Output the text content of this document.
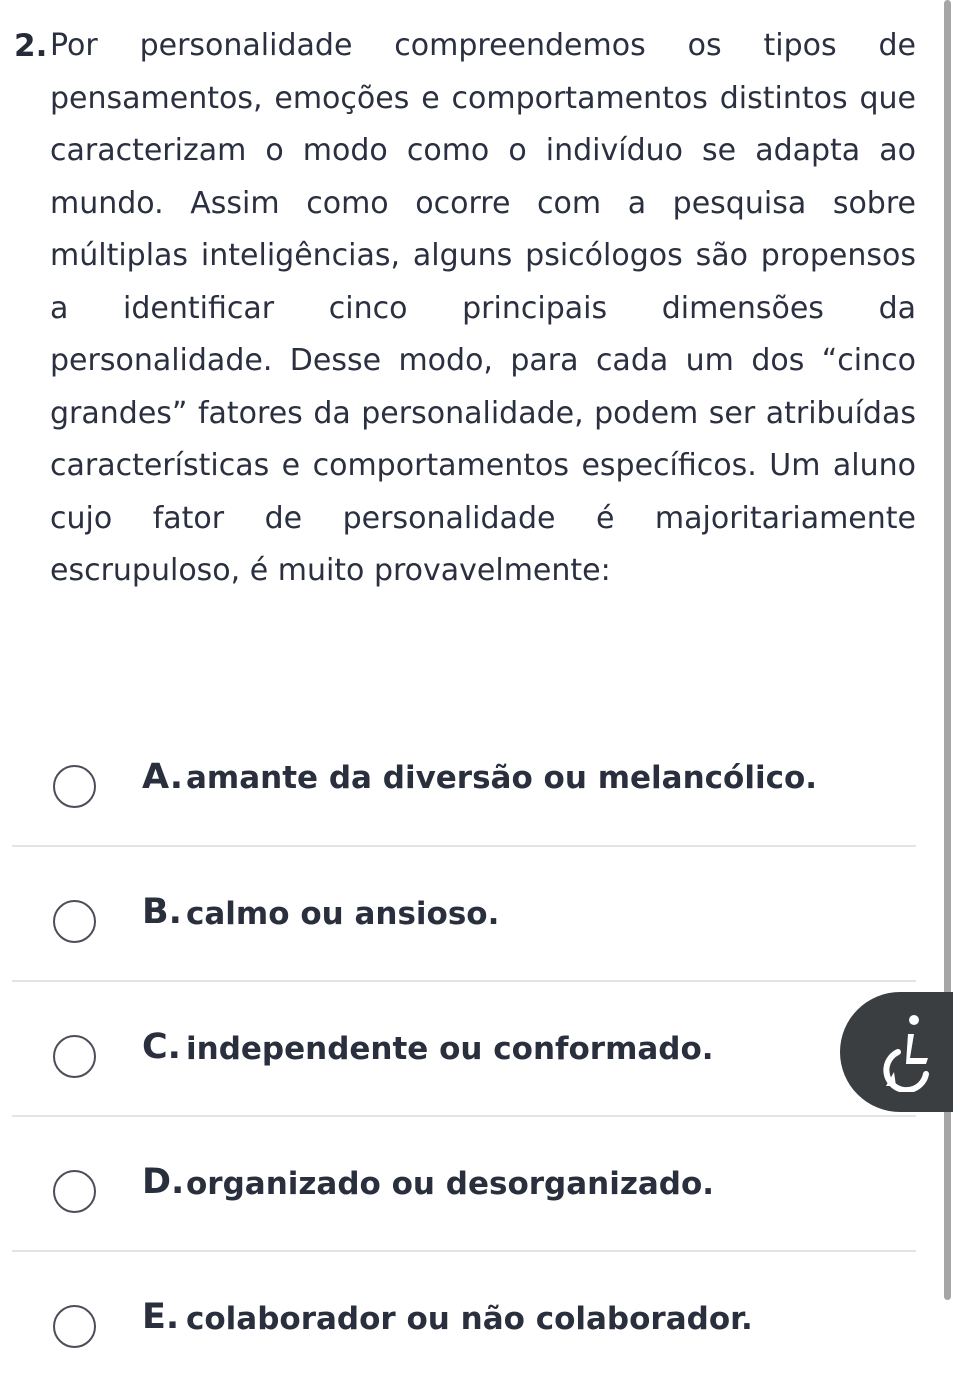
2. Por personalidade compreendemos os tipos de pensamentos, emoções e comportamentos distintos que caracterizam o modo como o indivíduo se adapta ao mundo. Assim como ocorre com a pesquisa sobre múltiplas inteligências, alguns psicólogos são propensos a identificar cinco principais dimensões da personalidade. Desse modo, para cada um dos “cinco grandes” fatores da personalidade, podem ser atribuídas características e comportamentos específicos. Um aluno cujo fator de personalidade é majoritariamente escrupuloso, é muito provavelmente:
A. amante da diversão ou melancólico.
B. calmo ou ansioso.
C. independente ou conformado.
D. organizado ou desorganizado.
E. colaborador ou não colaborador.
